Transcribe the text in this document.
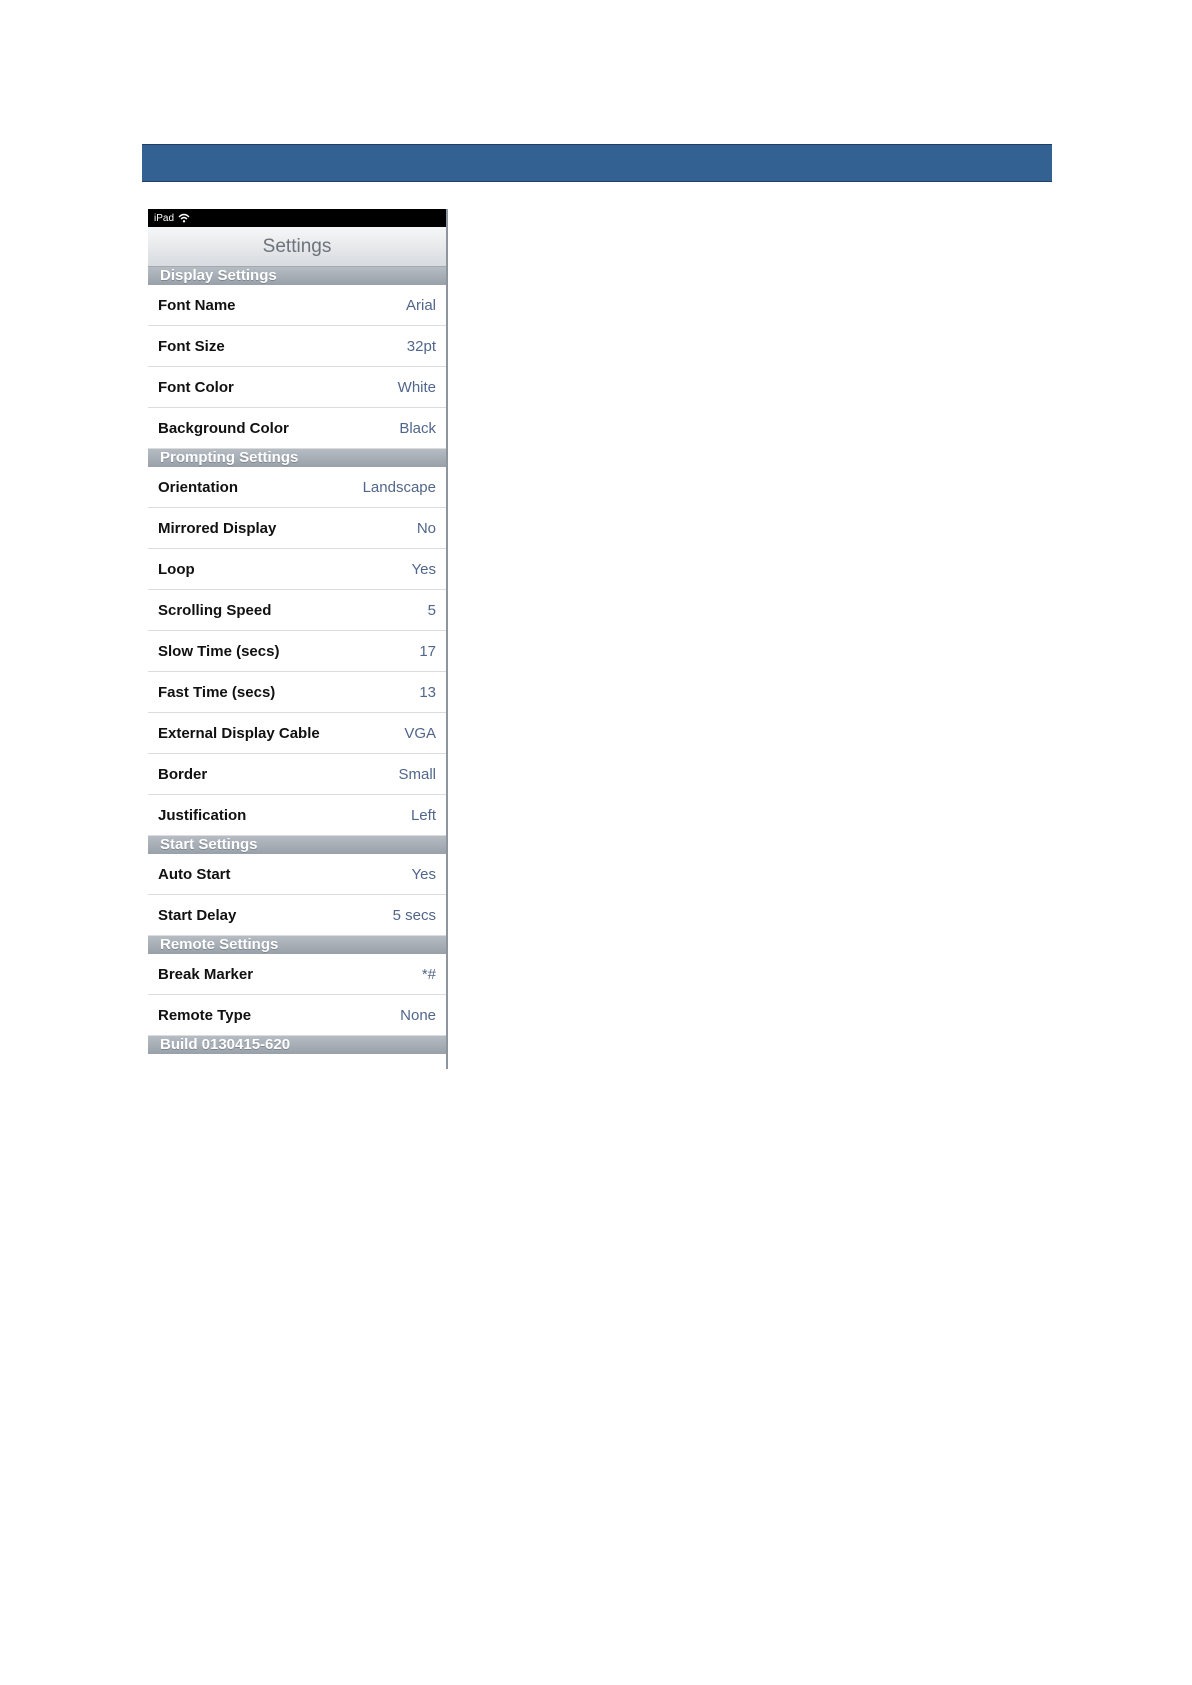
iPad
Settings
Display Settings
Font Name	Arial
Font Size	32pt
Font Color	White
Background Color	Black
Prompting Settings
Orientation	Landscape
Mirrored Display	No
Loop	Yes
Scrolling Speed	5
Slow Time (secs)	17
Fast Time (secs)	13
External Display Cable	VGA
Border	Small
Justification	Left
Start Settings
Auto Start	Yes
Start Delay	5 secs
Remote Settings
Break Marker	*#
Remote Type	None
Build 0130415-620
